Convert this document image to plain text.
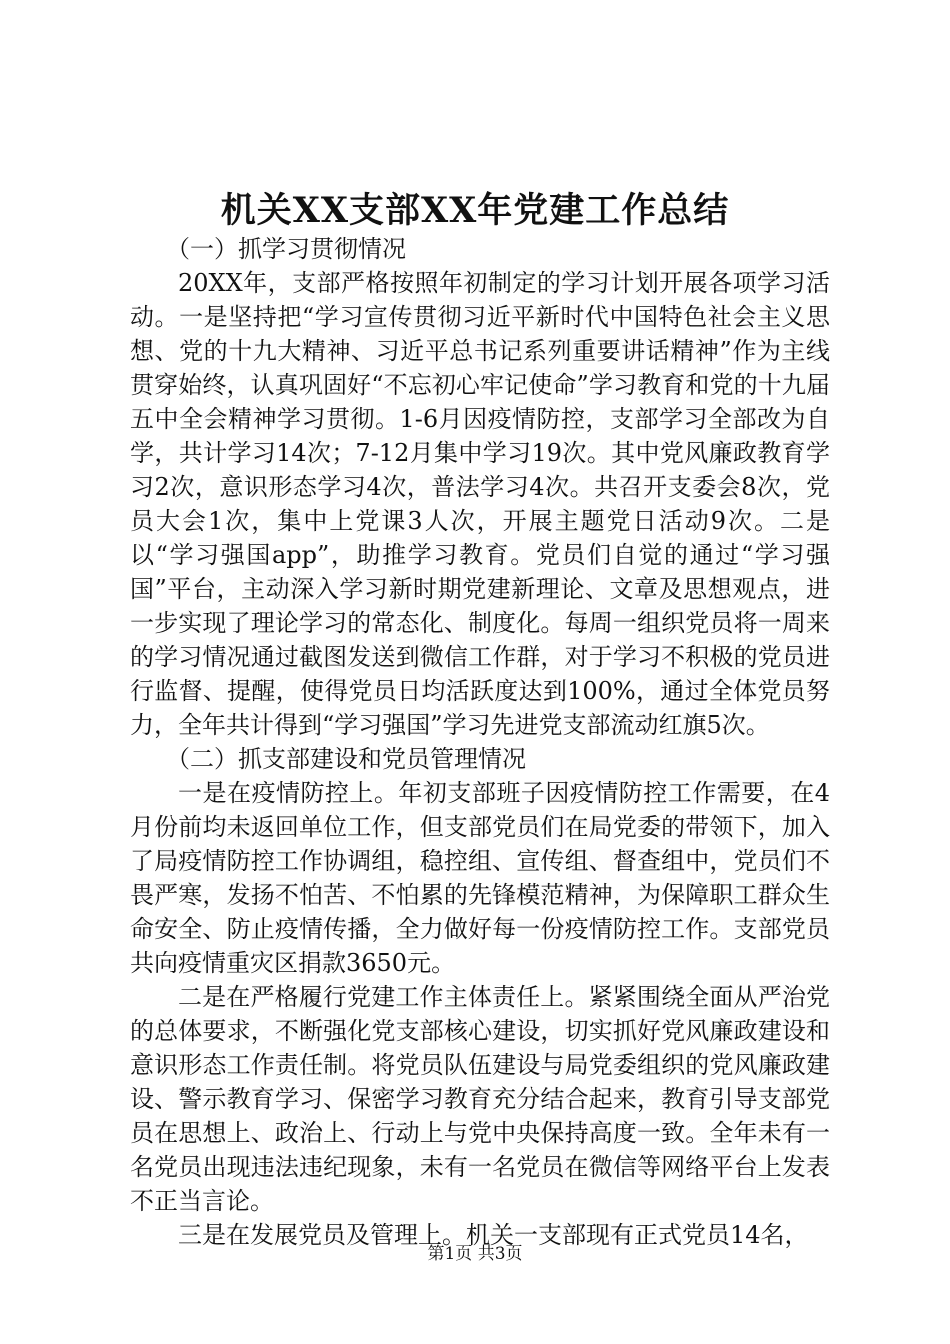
机关XX支部XX年党建工作总结

（一）抓学习贯彻情况

20XX年，支部严格按照年初制定的学习计划开展各项学习活动。一是坚持把“学习宣传贯彻习近平新时代中国特色社会主义思想、党的十九大精神、习近平总书记系列重要讲话精神”作为主线贯穿始终，认真巩固好“不忘初心牢记使命”学习教育和党的十九届五中全会精神学习贯彻。1-6月因疫情防控，支部学习全部改为自学，共计学习14次；7-12月集中学习19次。其中党风廉政教育学习2次，意识形态学习4次，普法学习4次。共召开支委会8次，党员大会1次，集中上党课3人次，开展主题党日活动9次。二是以“学习强国app”，助推学习教育。党员们自觉的通过“学习强国”平台，主动深入学习新时期党建新理论、文章及思想观点，进一步实现了理论学习的常态化、制度化。每周一组织党员将一周来的学习情况通过截图发送到微信工作群，对于学习不积极的党员进行监督、提醒，使得党员日均活跃度达到100%，通过全体党员努力，全年共计得到“学习强国”学习先进党支部流动红旗5次。

（二）抓支部建设和党员管理情况

一是在疫情防控上。年初支部班子因疫情防控工作需要，在4月份前均未返回单位工作，但支部党员们在局党委的带领下，加入了局疫情防控工作协调组，稳控组、宣传组、督查组中，党员们不畏严寒，发扬不怕苦、不怕累的先锋模范精神，为保障职工群众生命安全、防止疫情传播，全力做好每一份疫情防控工作。支部党员共向疫情重灾区捐款3650元。

二是在严格履行党建工作主体责任上。紧紧围绕全面从严治党的总体要求，不断强化党支部核心建设，切实抓好党风廉政建设和意识形态工作责任制。将党员队伍建设与局党委组织的党风廉政建设、警示教育学习、保密学习教育充分结合起来，教育引导支部党员在思想上、政治上、行动上与党中央保持高度一致。全年未有一名党员出现违法违纪现象，未有一名党员在微信等网络平台上发表不正当言论。

三是在发展党员及管理上。机关一支部现有正式党员14名，

第1页 共3页
